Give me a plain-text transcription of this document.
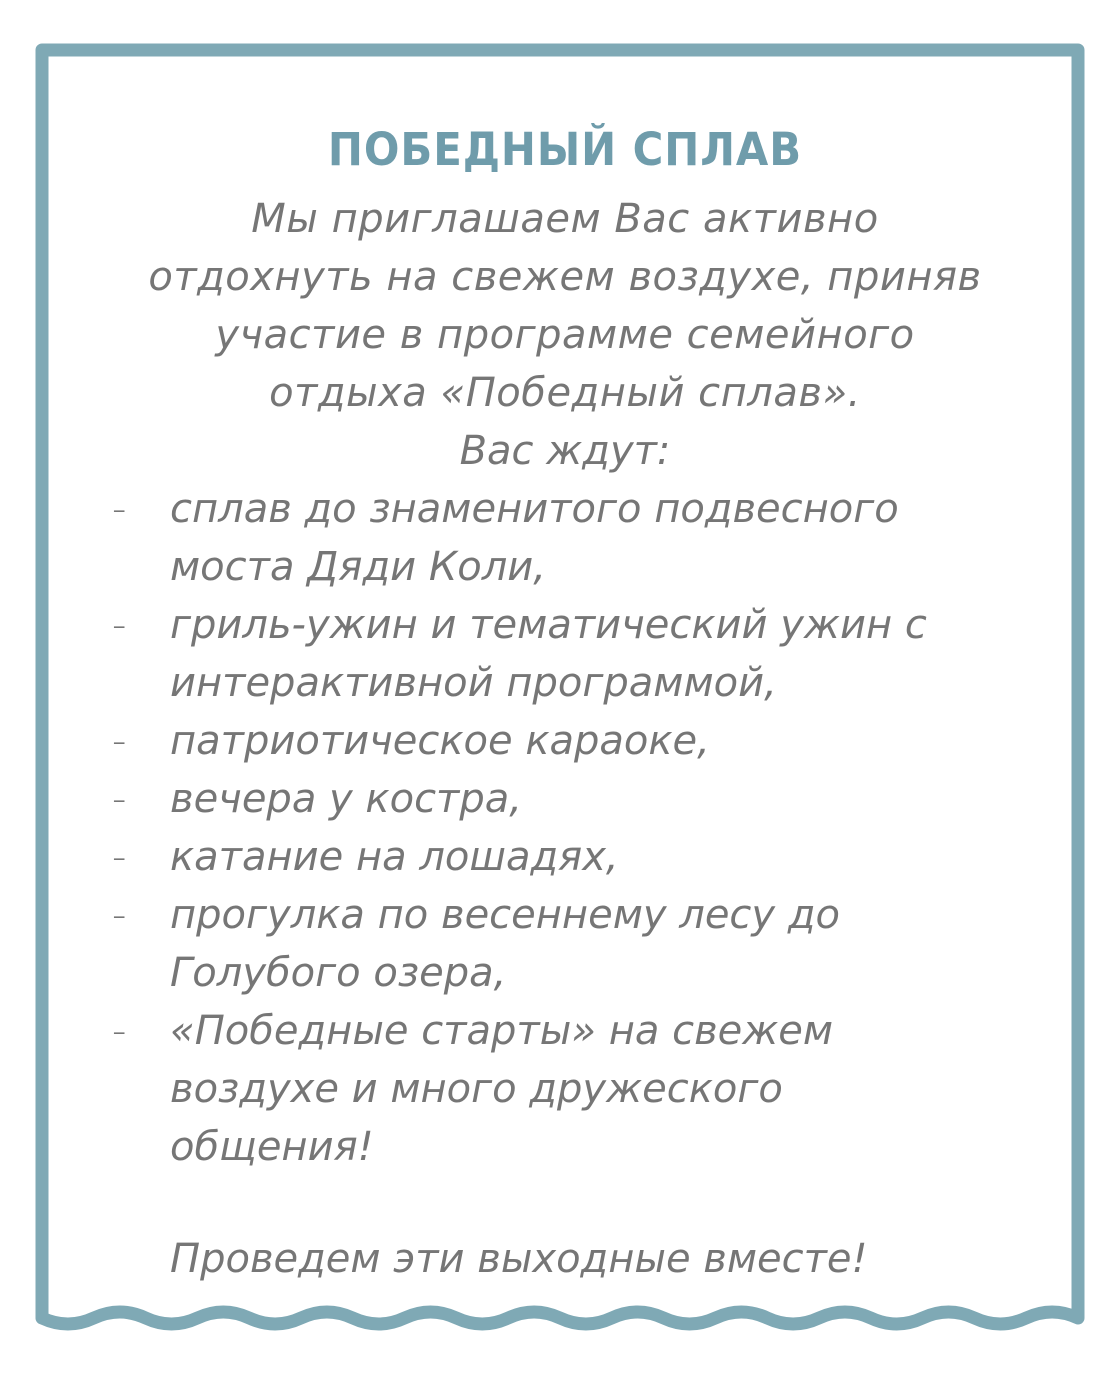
ПОБЕДНЫЙ СПЛАВ

Мы приглашаем Вас активно
отдохнуть на свежем воздухе, приняв
участие в программе семейного
отдыха «Победный сплав».

Вас ждут:

- сплав до знаменитого подвесного
моста Дяди Коли,
- гриль-ужин и тематический ужин с
интерактивной программой,
- патриотическое караоке,
- вечера у костра,
- катание на лошадях,
- прогулка по весеннему лесу до
Голубого озера,
- «Победные старты» на свежем
воздухе и много дружеского
общения!
Проведем эти выходные вместе!
